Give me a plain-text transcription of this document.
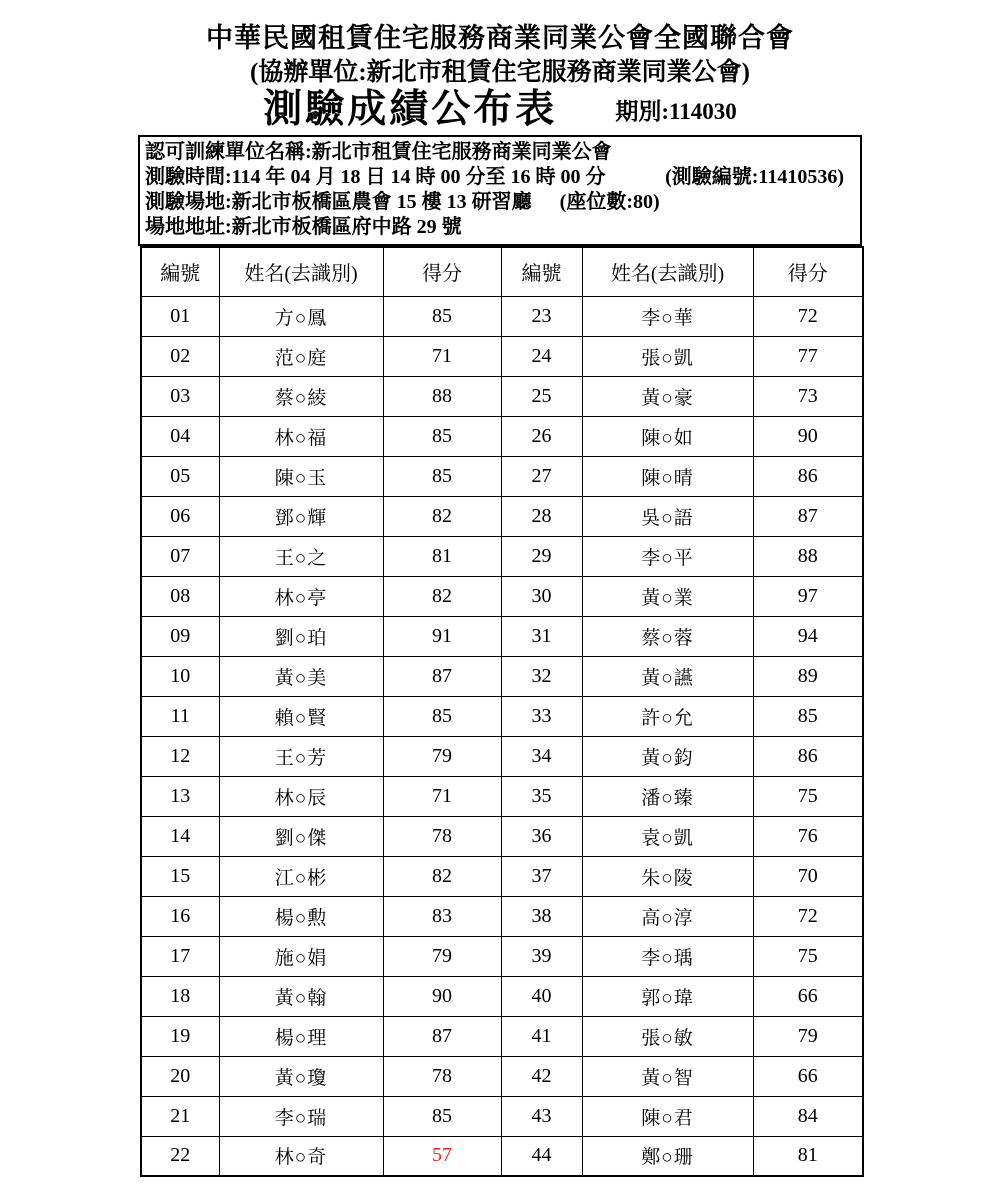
中華民國租賃住宅服務商業同業公會全國聯合會
(協辦單位:新北市租賃住宅服務商業同業公會)
測驗成績公布表	期別:114030
認可訓練單位名稱:新北市租賃住宅服務商業同業公會
測驗時間:114 年 04 月 18 日 14 時 00 分至 16 時 00 分	(測驗編號:11410536)
測驗場地:新北市板橋區農會 15 樓 13 研習廳 (座位數:80)
場地地址:新北市板橋區府中路 29 號
編號	姓名(去識別)	得分	編號	姓名(去識別)	得分
01	方○鳳	85	23	李○華	72
02	范○庭	71	24	張○凱	77
03	蔡○綾	88	25	黃○豪	73
04	林○福	85	26	陳○如	90
05	陳○玉	85	27	陳○晴	86
06	鄧○輝	82	28	吳○語	87
07	王○之	81	29	李○平	88
08	林○亭	82	30	黃○業	97
09	劉○珀	91	31	蔡○蓉	94
10	黃○美	87	32	黃○讌	89
11	賴○賢	85	33	許○允	85
12	王○芳	79	34	黃○鈞	86
13	林○辰	71	35	潘○臻	75
14	劉○傑	78	36	袁○凱	76
15	江○彬	82	37	朱○陵	70
16	楊○勲	83	38	高○淳	72
17	施○娟	79	39	李○瑀	75
18	黃○翰	90	40	郭○瑋	66
19	楊○理	87	41	張○敏	79
20	黃○瓊	78	42	黃○智	66
21	李○瑞	85	43	陳○君	84
22	林○奇	57	44	鄭○珊	81
